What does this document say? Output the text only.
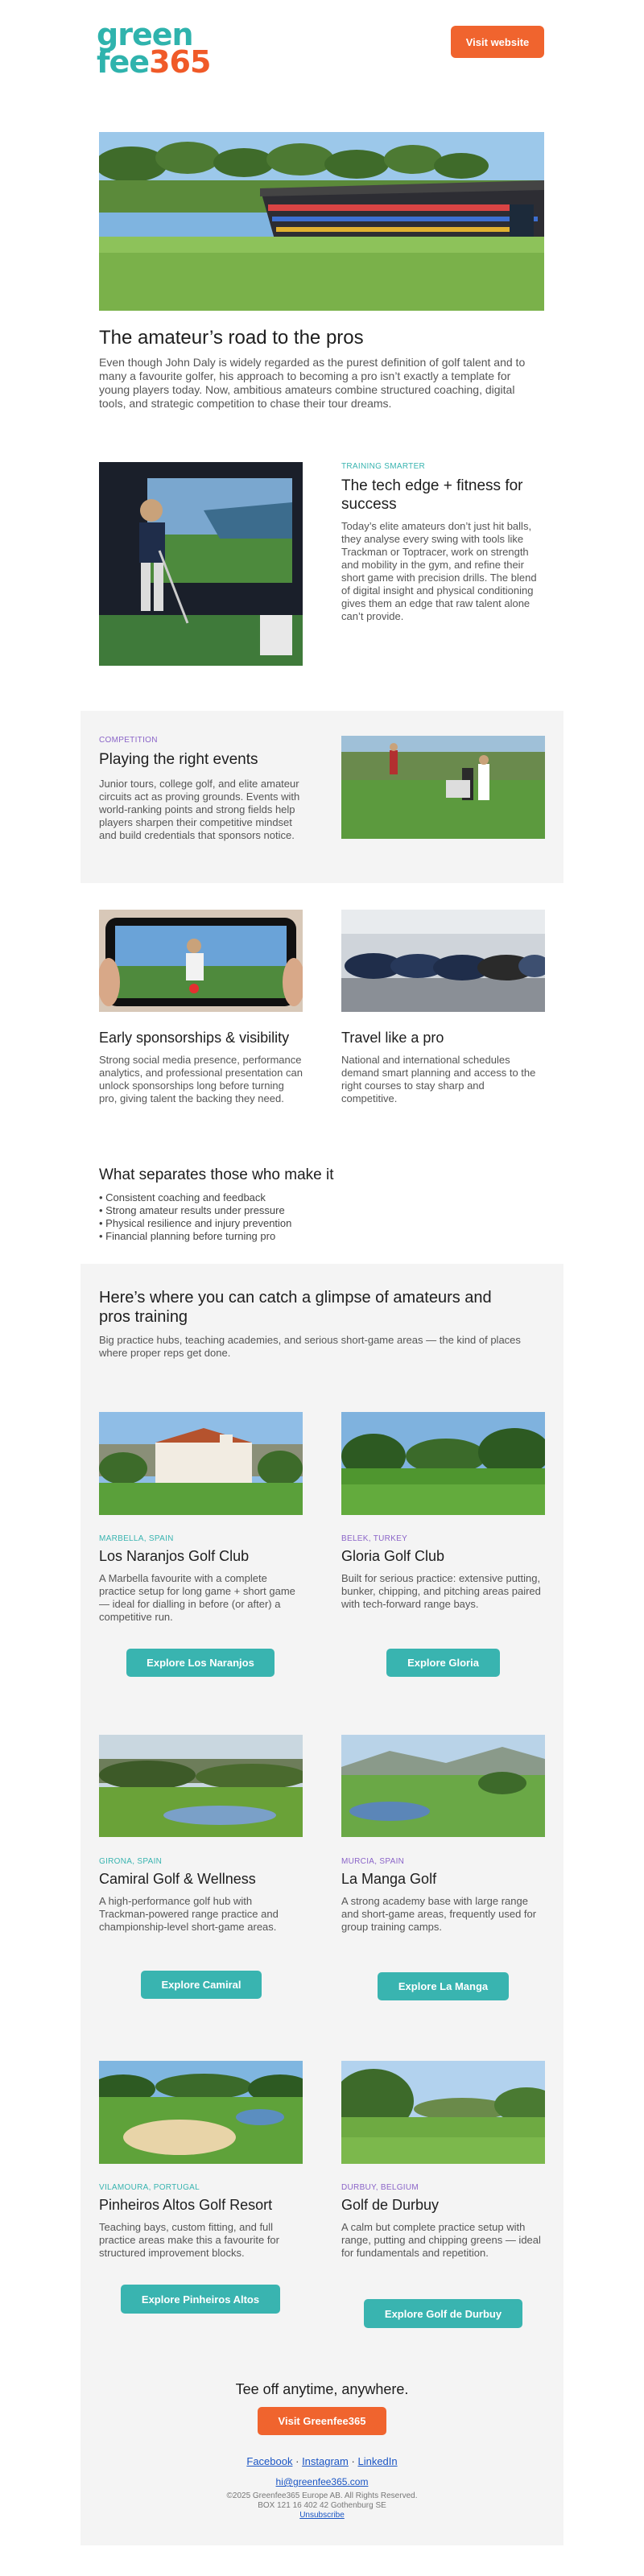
green
fee365
Visit website
The amateur’s road to the pros
Even though John Daly is widely regarded as the purest definition of golf talent and to many a favourite golfer, his approach to becoming a pro isn’t exactly a template for young players today. Now, ambitious amateurs combine structured coaching, digital tools, and strategic competition to chase their tour dreams.
TRAINING SMARTER
The tech edge + fitness for success
Today’s elite amateurs don’t just hit balls, they analyse every swing with tools like Trackman or Toptracer, work on strength and mobility in the gym, and refine their short game with precision drills. The blend of digital insight and physical conditioning gives them an edge that raw talent alone can’t provide.
COMPETITION
Playing the right events
Junior tours, college golf, and elite amateur circuits act as proving grounds. Events with world-ranking points and strong fields help players sharpen their competitive mindset and build credentials that sponsors notice.
Early sponsorships & visibility
Strong social media presence, performance analytics, and professional presentation can unlock sponsorships long before turning pro, giving talent the backing they need.
Travel like a pro
National and international schedules demand smart planning and access to the right courses to stay sharp and competitive.
What separates those who make it
• Consistent coaching and feedback
• Strong amateur results under pressure
• Physical resilience and injury prevention
• Financial planning before turning pro
Here’s where you can catch a glimpse of amateurs and pros training
Big practice hubs, teaching academies, and serious short-game areas — the kind of places where proper reps get done.
MARBELLA, SPAIN
Los Naranjos Golf Club
A Marbella favourite with a complete practice setup for long game + short game — ideal for dialling in before (or after) a competitive run.
Explore Los Naranjos
BELEK, TURKEY
Gloria Golf Club
Built for serious practice: extensive putting, bunker, chipping, and pitching areas paired with tech-forward range bays.
Explore Gloria
GIRONA, SPAIN
Camiral Golf & Wellness
A high-performance golf hub with Trackman-powered range practice and championship-level short-game areas.
Explore Camiral
MURCIA, SPAIN
La Manga Golf
A strong academy base with large range and short-game areas, frequently used for group training camps.
Explore La Manga
VILAMOURA, PORTUGAL
Pinheiros Altos Golf Resort
Teaching bays, custom fitting, and full practice areas make this a favourite for structured improvement blocks.
Explore Pinheiros Altos
DURBUY, BELGIUM
Golf de Durbuy
A calm but complete practice setup with range, putting and chipping greens — ideal for fundamentals and repetition.
Explore Golf de Durbuy
Tee off anytime, anywhere.
Visit Greenfee365
Facebook · Instagram · LinkedIn
hi@greenfee365.com
©2025 Greenfee365 Europe AB. All Rights Reserved.
BOX 121 16 402 42 Gothenburg SE
Unsubscribe
